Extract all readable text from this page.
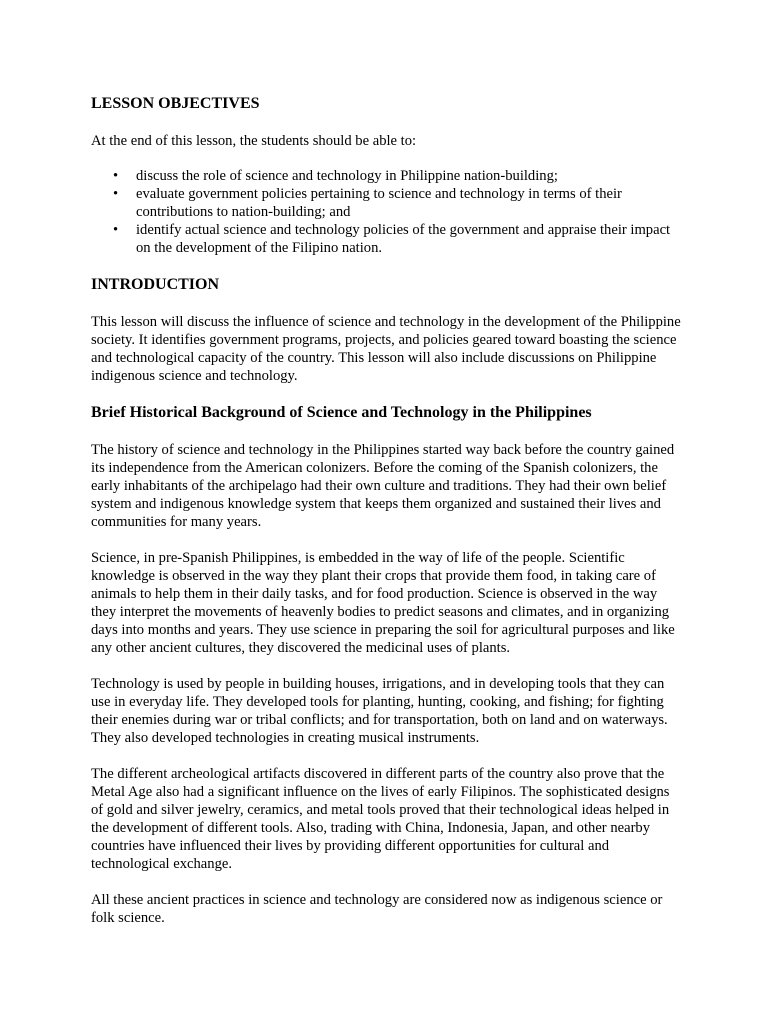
LESSON OBJECTIVES

At the end of this lesson, the students should be able to:

• discuss the role of science and technology in Philippine nation-building;
• evaluate government policies pertaining to science and technology in terms of their contributions to nation-building; and
• identify actual science and technology policies of the government and appraise their impact on the development of the Filipino nation.
INTRODUCTION

This lesson will discuss the influence of science and technology in the development of the Philippine society. It identifies government programs, projects, and policies geared toward boasting the science and technological capacity of the country. This lesson will also include discussions on Philippine indigenous science and technology.

Brief Historical Background of Science and Technology in the Philippines

The history of science and technology in the Philippines started way back before the country gained its independence from the American colonizers. Before the coming of the Spanish colonizers, the early inhabitants of the archipelago had their own culture and traditions. They had their own belief system and indigenous knowledge system that keeps them organized and sustained their lives and communities for many years.

Science, in pre-Spanish Philippines, is embedded in the way of life of the people. Scientific knowledge is observed in the way they plant their crops that provide them food, in taking care of animals to help them in their daily tasks, and for food production. Science is observed in the way they interpret the movements of heavenly bodies to predict seasons and climates, and in organizing days into months and years. They use science in preparing the soil for agricultural purposes and like any other ancient cultures, they discovered the medicinal uses of plants.

Technology is used by people in building houses, irrigations, and in developing tools that they can use in everyday life. They developed tools for planting, hunting, cooking, and fishing; for fighting their enemies during war or tribal conflicts; and for transportation, both on land and on waterways. They also developed technologies in creating musical instruments.

The different archeological artifacts discovered in different parts of the country also prove that the Metal Age also had a significant influence on the lives of early Filipinos. The sophisticated designs of gold and silver jewelry, ceramics, and metal tools proved that their technological ideas helped in the development of different tools. Also, trading with China, Indonesia, Japan, and other nearby countries have influenced their lives by providing different opportunities for cultural and technological exchange.

All these ancient practices in science and technology are considered now as indigenous science or folk science.
